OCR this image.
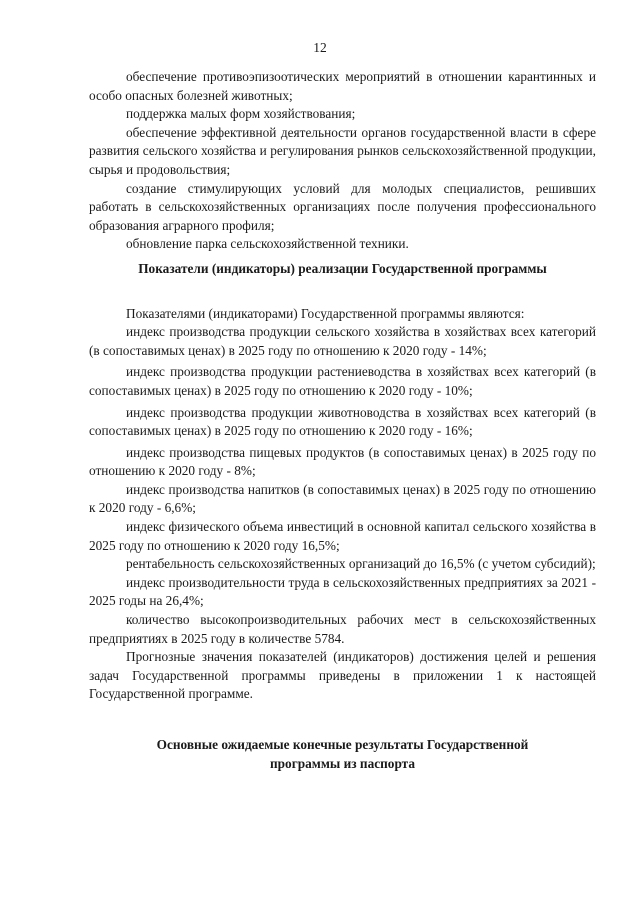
12

обеспечение противоэпизоотических мероприятий в отношении карантинных и особо опасных болезней животных;

поддержка малых форм хозяйствования;

обеспечение эффективной деятельности органов государственной власти в сфере развития сельского хозяйства и регулирования рынков сельскохозяйственной продукции, сырья и продовольствия;

создание стимулирующих условий для молодых специалистов, решивших работать в сельскохозяйственных организациях после получения профессионального образования аграрного профиля;

обновление парка сельскохозяйственной техники.

Показатели (индикаторы) реализации Государственной программы

Показателями (индикаторами) Государственной программы являются:

индекс производства продукции сельского хозяйства в хозяйствах всех категорий (в сопоставимых ценах) в 2025 году по отношению к 2020 году - 14%;

индекс производства продукции растениеводства в хозяйствах всех категорий (в сопоставимых ценах) в 2025 году по отношению к 2020 году - 10%;

индекс производства продукции животноводства в хозяйствах всех категорий (в сопоставимых ценах) в 2025 году по отношению к 2020 году - 16%;

индекс производства пищевых продуктов (в сопоставимых ценах) в 2025 году по отношению к 2020 году - 8%;

индекс производства напитков (в сопоставимых ценах) в 2025 году по отношению к 2020 году - 6,6%;

индекс физического объема инвестиций в основной капитал сельского хозяйства в 2025 году по отношению к 2020 году 16,5%;

рентабельность сельскохозяйственных организаций до 16,5% (с учетом субсидий);

индекс производительности труда в сельскохозяйственных предприятиях за 2021 - 2025 годы на 26,4%;

количество высокопроизводительных рабочих мест в сельскохозяйственных предприятиях в 2025 году в количестве 5784.

Прогнозные значения показателей (индикаторов) достижения целей и решения задач Государственной программы приведены в приложении 1 к настоящей Государственной программе.

Основные ожидаемые конечные результаты Государственной
программы из паспорта
